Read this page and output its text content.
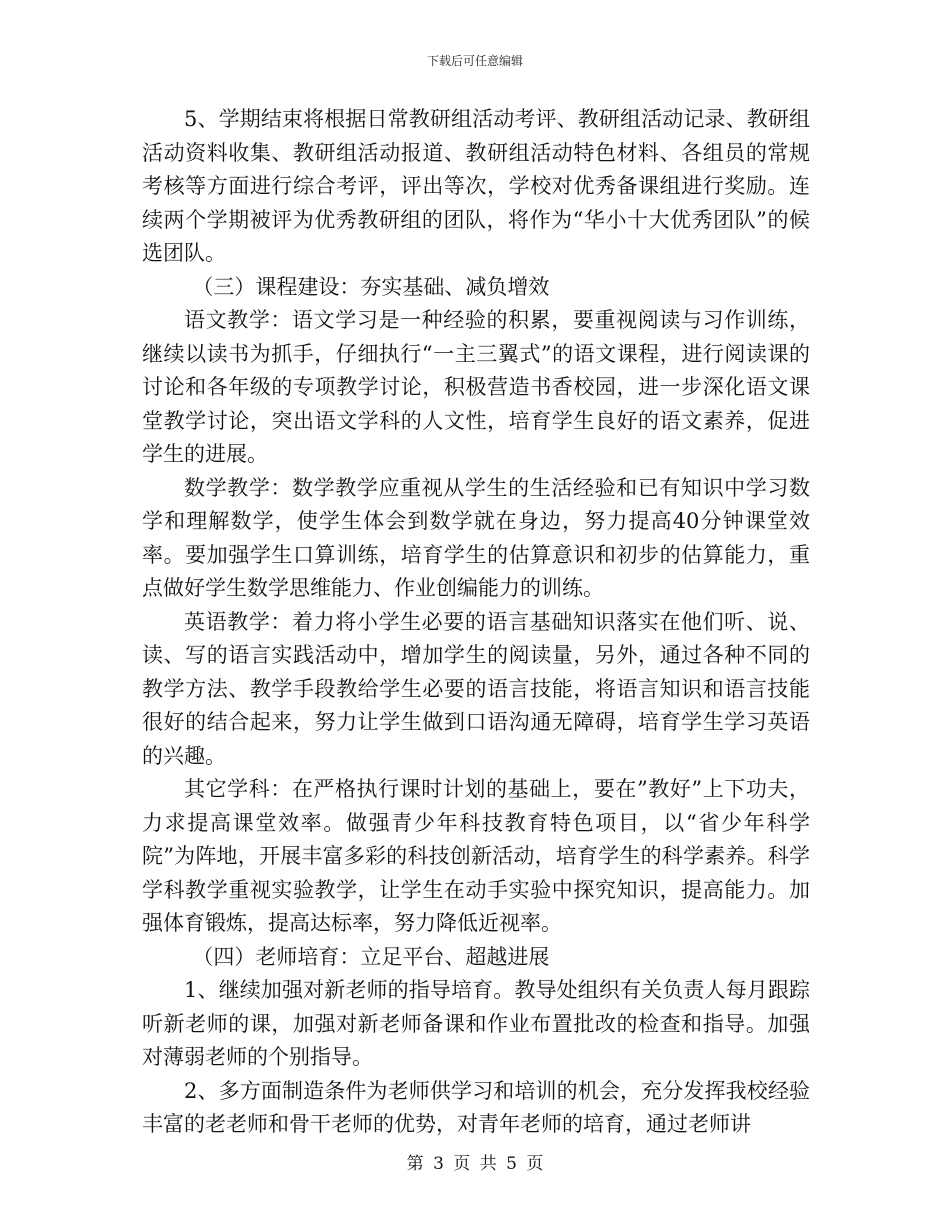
下载后可任意编辑

5、学期结束将根据日常教研组活动考评、教研组活动记录、教研组活动资料收集、教研组活动报道、教研组活动特色材料、各组员的常规考核等方面进行综合考评，评出等次，学校对优秀备课组进行奖励。连续两个学期被评为优秀教研组的团队，将作为“华小十大优秀团队”的候选团队。

（三）课程建设：夯实基础、减负增效

语文教学：语文学习是一种经验的积累，要重视阅读与习作训练，继续以读书为抓手，仔细执行“一主三翼式”的语文课程，进行阅读课的讨论和各年级的专项教学讨论，积极营造书香校园，进一步深化语文课堂教学讨论，突出语文学科的人文性，培育学生良好的语文素养，促进学生的进展。

数学教学：数学教学应重视从学生的生活经验和已有知识中学习数学和理解数学，使学生体会到数学就在身边，努力提高40分钟课堂效率。要加强学生口算训练，培育学生的估算意识和初步的估算能力，重点做好学生数学思维能力、作业创编能力的训练。

英语教学：着力将小学生必要的语言基础知识落实在他们听、说、读、写的语言实践活动中，增加学生的阅读量，另外，通过各种不同的教学方法、教学手段教给学生必要的语言技能，将语言知识和语言技能很好的结合起来，努力让学生做到口语沟通无障碍，培育学生学习英语的兴趣。

其它学科：在严格执行课时计划的基础上，要在”教好”上下功夫，力求提高课堂效率。做强青少年科技教育特色项目，以“省少年科学院”为阵地，开展丰富多彩的科技创新活动，培育学生的科学素养。科学学科教学重视实验教学，让学生在动手实验中探究知识，提高能力。加强体育锻炼，提高达标率，努力降低近视率。

（四）老师培育：立足平台、超越进展

1、继续加强对新老师的指导培育。教导处组织有关负责人每月跟踪听新老师的课，加强对新老师备课和作业布置批改的检查和指导。加强对薄弱老师的个别指导。

2、多方面制造条件为老师供学习和培训的机会，充分发挥我校经验丰富的老老师和骨干老师的优势，对青年老师的培育，通过老师讲

第 3 页 共 5 页
